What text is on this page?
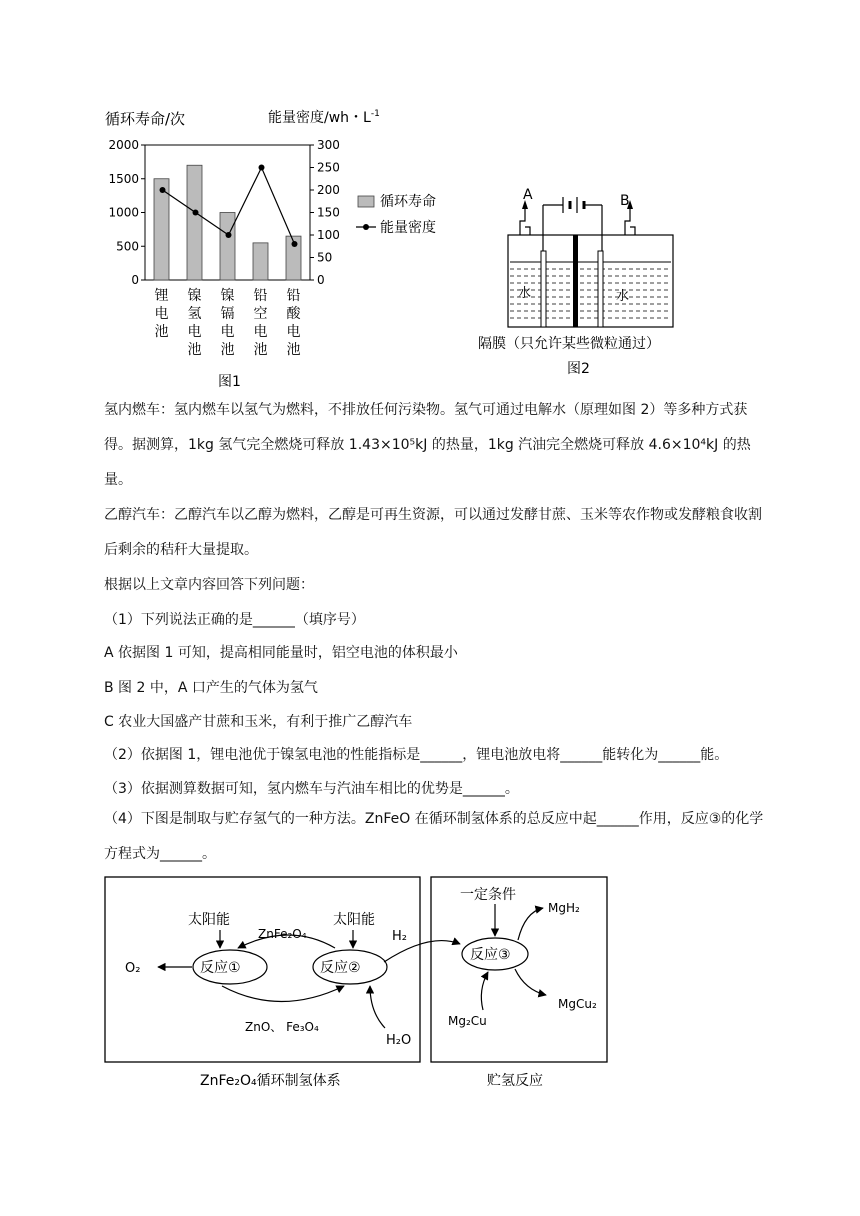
循环寿命/次	能量密度/wh・$L^{-1}$
0
500
1000
1500
2000
0
50
100
150
200
250
300
锂
电
池
镍
氢
电
池
镍
镉
电
池
铅
空
电
池
铅
酸
电
池
循环寿命
能量密度
图1
A	B
水	水
隔膜（只允许某些微粒通过）
图2
氢内燃车：氢内燃车以氢气为燃料，不排放任何污染物。氢气可通过电解水（原理如图 2）等多种方式获得。据测算，1kg 氢气完全燃烧可释放 1.43×10⁵kJ 的热量，1kg 汽油完全燃烧可释放 4.6×10⁴kJ 的热量。
乙醇汽车：乙醇汽车以乙醇为燃料，乙醇是可再生资源，可以通过发酵甘蔗、玉米等农作物或发酵粮食收割后剩余的秸秆大量提取。
根据以上文章内容回答下列问题：
（1）下列说法正确的是______（填序号）
A 依据图 1 可知，提高相同能量时，铝空电池的体积最小
B 图 2 中，A 口产生的气体为氢气
C 农业大国盛产甘蔗和玉米，有利于推广乙醇汽车
（2）依据图 1，锂电池优于镍氢电池的性能指标是______，锂电池放电将______能转化为______能。
（3）依据测算数据可知，氢内燃车与汽油车相比的优势是______。
（4）下图是制取与贮存氢气的一种方法。ZnFeO 在循环制氢体系的总反应中起______作用，反应③的化学方程式为______。
太阳能	太阳能
ZnFe₂O₄
ZnO、 Fe₃O₄
反应①	反应②
O₂
H₂
H₂O
一定条件
反应③
MgH₂
MgCu₂
Mg₂Cu
ZnFe₂O₄循环制氢体系	贮氢反应
